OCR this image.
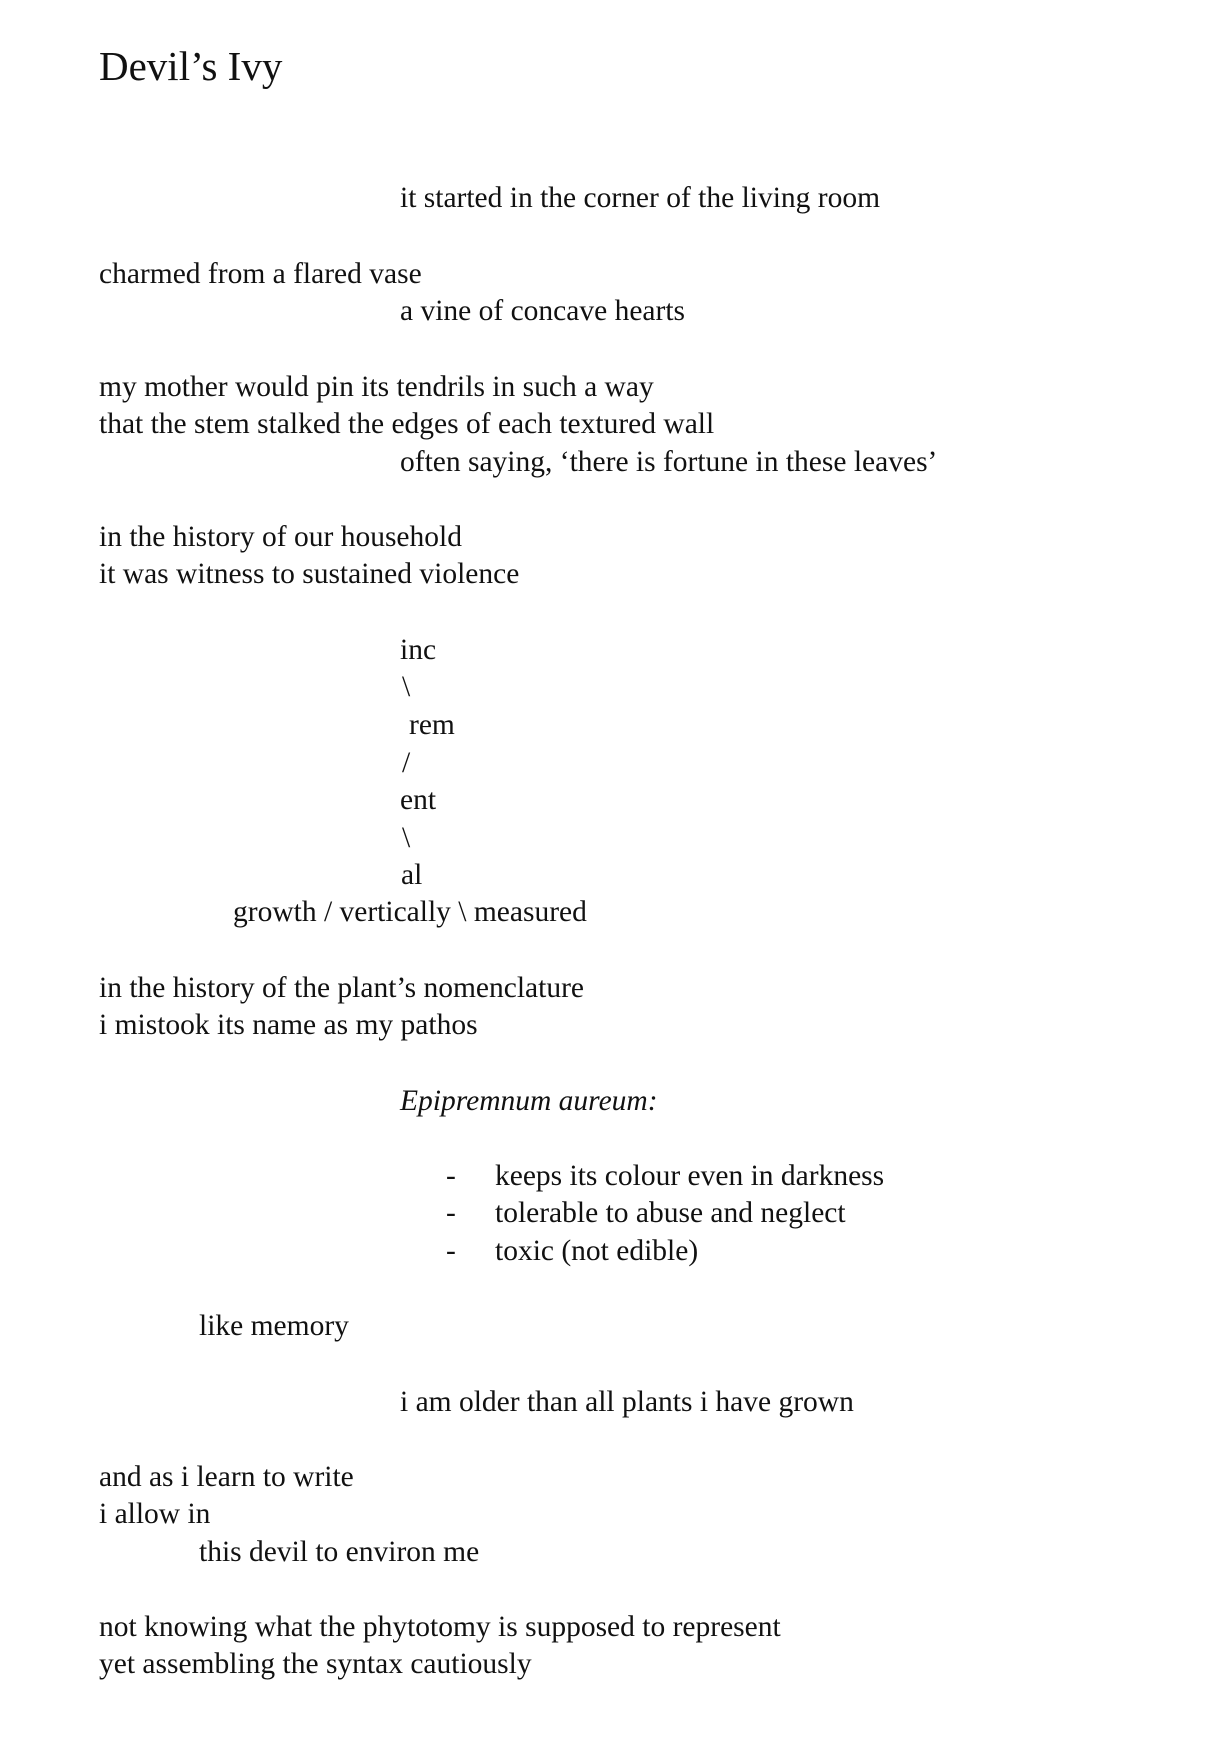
Devil’s Ivy
it started in the corner of the living room
charmed from a flared vase
a vine of concave hearts
my mother would pin its tendrils in such a way
that the stem stalked the edges of each textured wall
often saying, ‘there is fortune in these leaves’
in the history of our household
it was witness to sustained violence
inc
\
rem
/
ent
\
al
growth / vertically \ measured
in the history of the plant’s nomenclature
i mistook its name as my pathos
Epipremnum aureum:
- keeps its colour even in darkness
- tolerable to abuse and neglect
- toxic (not edible)
like memory
i am older than all plants i have grown
and as i learn to write
i allow in
this devil to environ me
not knowing what the phytotomy is supposed to represent
yet assembling the syntax cautiously
